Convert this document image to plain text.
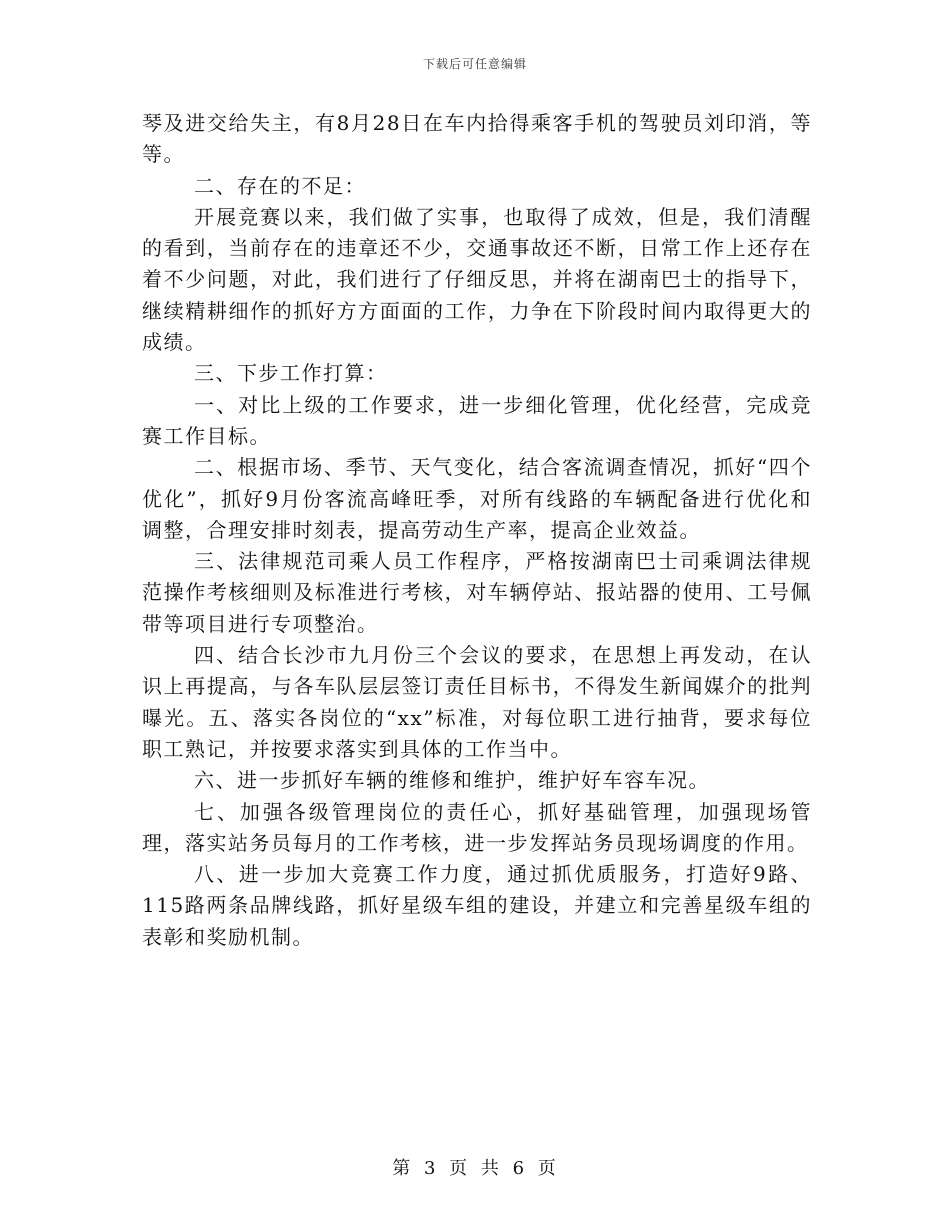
下载后可任意编辑

琴及进交给失主，有8月28日在车内拾得乘客手机的驾驶员刘印消，等等。

二、存在的不足：

开展竞赛以来，我们做了实事，也取得了成效，但是，我们清醒的看到，当前存在的违章还不少，交通事故还不断，日常工作上还存在着不少问题，对此，我们进行了仔细反思，并将在湖南巴士的指导下，继续精耕细作的抓好方方面面的工作，力争在下阶段时间内取得更大的成绩。

三、下步工作打算：

一、对比上级的工作要求，进一步细化管理，优化经营，完成竞赛工作目标。

二、根据市场、季节、天气变化，结合客流调查情况，抓好“四个优化”，抓好9月份客流高峰旺季，对所有线路的车辆配备进行优化和调整，合理安排时刻表，提高劳动生产率，提高企业效益。

三、法律规范司乘人员工作程序，严格按湖南巴士司乘调法律规范操作考核细则及标准进行考核，对车辆停站、报站器的使用、工号佩带等项目进行专项整治。

四、结合长沙市九月份三个会议的要求，在思想上再发动，在认识上再提高，与各车队层层签订责任目标书，不得发生新闻媒介的批判曝光。五、落实各岗位的“xx”标准，对每位职工进行抽背，要求每位职工熟记，并按要求落实到具体的工作当中。

六、进一步抓好车辆的维修和维护，维护好车容车况。

七、加强各级管理岗位的责任心，抓好基础管理，加强现场管理，落实站务员每月的工作考核，进一步发挥站务员现场调度的作用。

八、进一步加大竞赛工作力度，通过抓优质服务，打造好9路、115路两条品牌线路，抓好星级车组的建设，并建立和完善星级车组的表彰和奖励机制。

第 3 页 共 6 页
